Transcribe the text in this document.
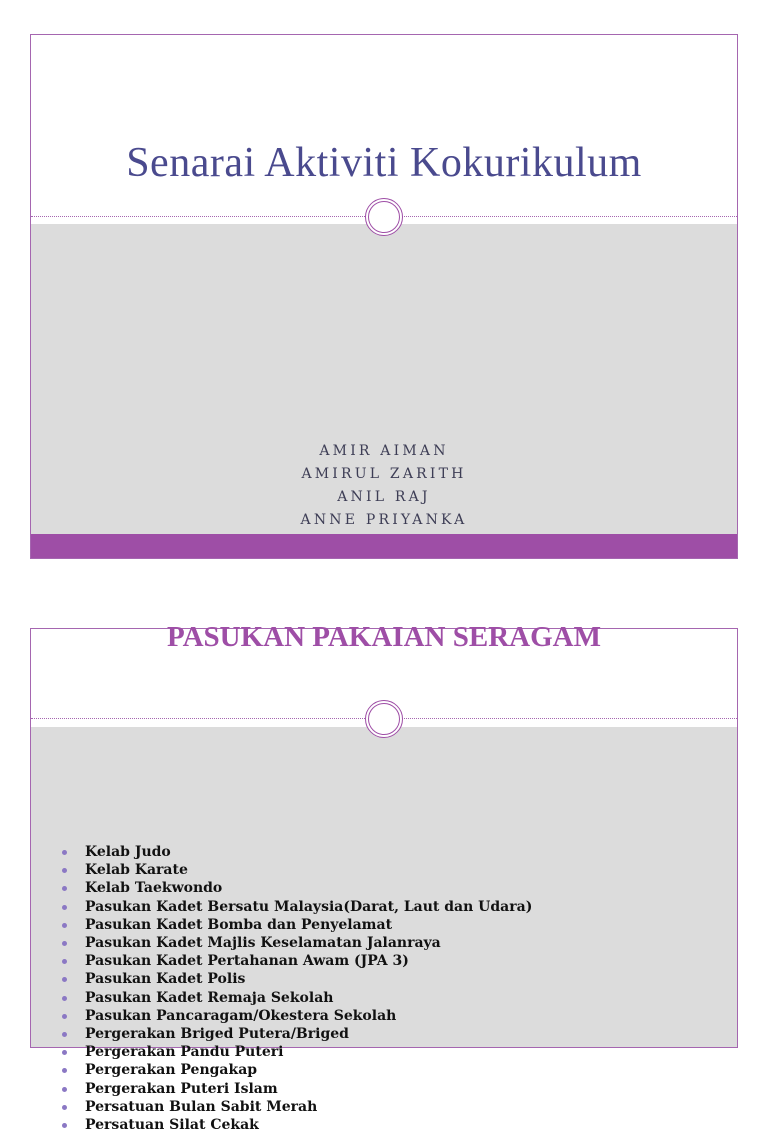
Senarai Aktiviti Kokurikulum
AMIR AIMAN
AMIRUL ZARITH
ANIL RAJ
ANNE PRIYANKA
PASUKAN PAKAIAN SERAGAM
Kelab Judo
Kelab Karate
Kelab Taekwondo
Pasukan Kadet Bersatu Malaysia(Darat, Laut dan Udara)
Pasukan Kadet Bomba dan Penyelamat
Pasukan Kadet Majlis Keselamatan Jalanraya
Pasukan Kadet Pertahanan Awam (JPA 3)
Pasukan Kadet Polis
Pasukan Kadet Remaja Sekolah
Pasukan Pancaragam/Okestera Sekolah
Pergerakan Briged Putera/Briged
Pergerakan Pandu Puteri
Pergerakan Pengakap
Pergerakan Puteri Islam
Persatuan Bulan Sabit Merah
Persatuan Silat Cekak
